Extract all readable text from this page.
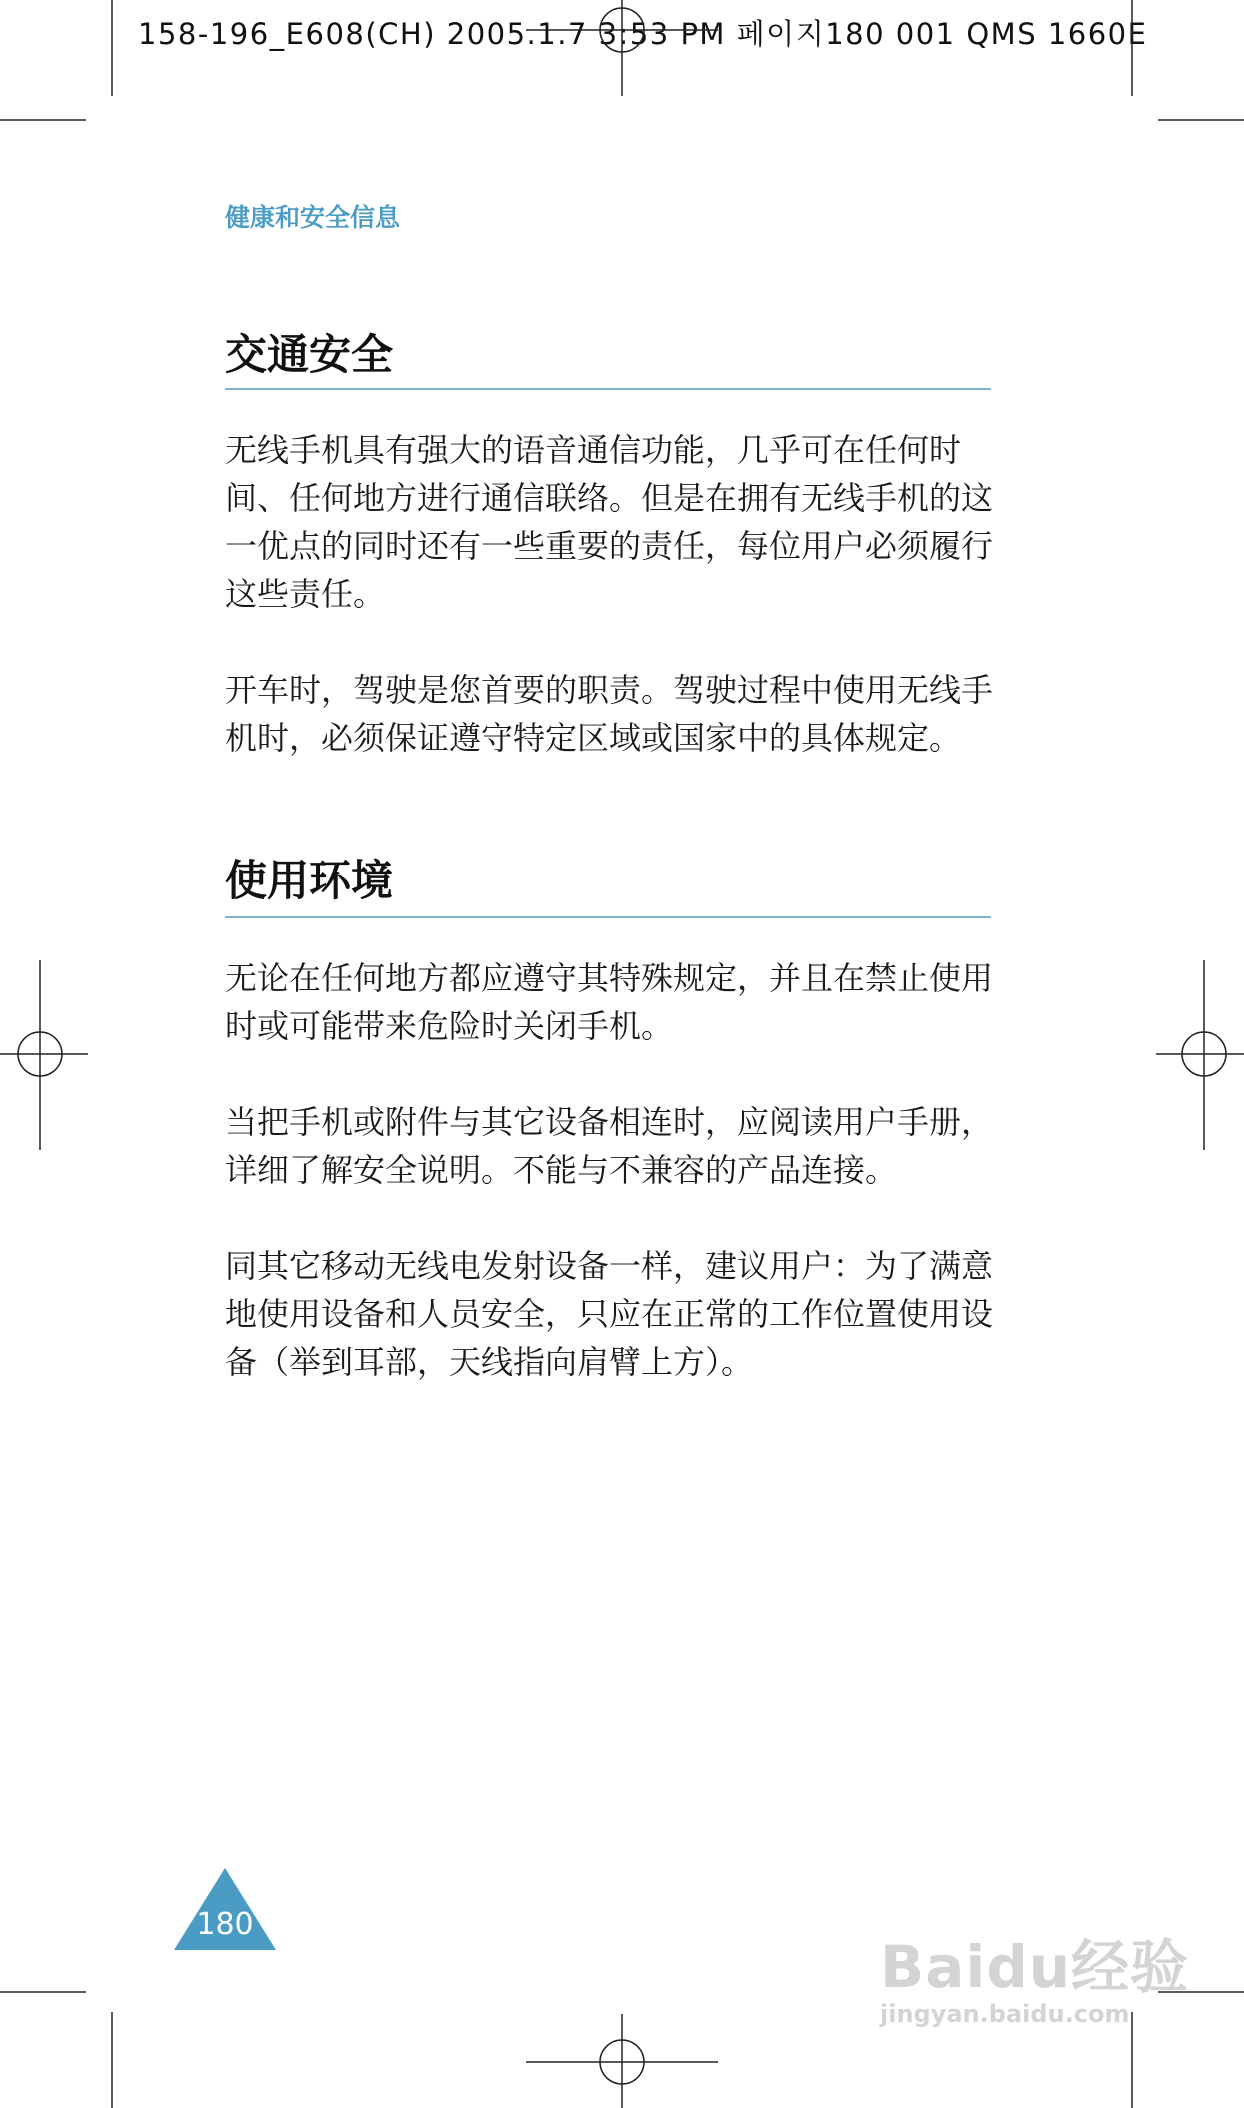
158-196_E608(CH) 2005.1.7 3:53 PM 페이지180 001 QMS 1660E
健康和安全信息
交通安全

无线手机具有强大的语音通信功能，几乎可在任何时间、任何地方进行通信联络。但是在拥有无线手机的这一优点的同时还有一些重要的责任，每位用户必须履行这些责任。

开车时，驾驶是您首要的职责。驾驶过程中使用无线手机时，必须保证遵守特定区域或国家中的具体规定。

使用环境

无论在任何地方都应遵守其特殊规定，并且在禁止使用时或可能带来危险时关闭手机。

当把手机或附件与其它设备相连时，应阅读用户手册，详细了解安全说明。不能与不兼容的产品连接。

同其它移动无线电发射设备一样，建议用户：为了满意地使用设备和人员安全，只应在正常的工作位置使用设备（举到耳部，天线指向肩臂上方）。

180
Baidu经验
jingyan.baidu.com
